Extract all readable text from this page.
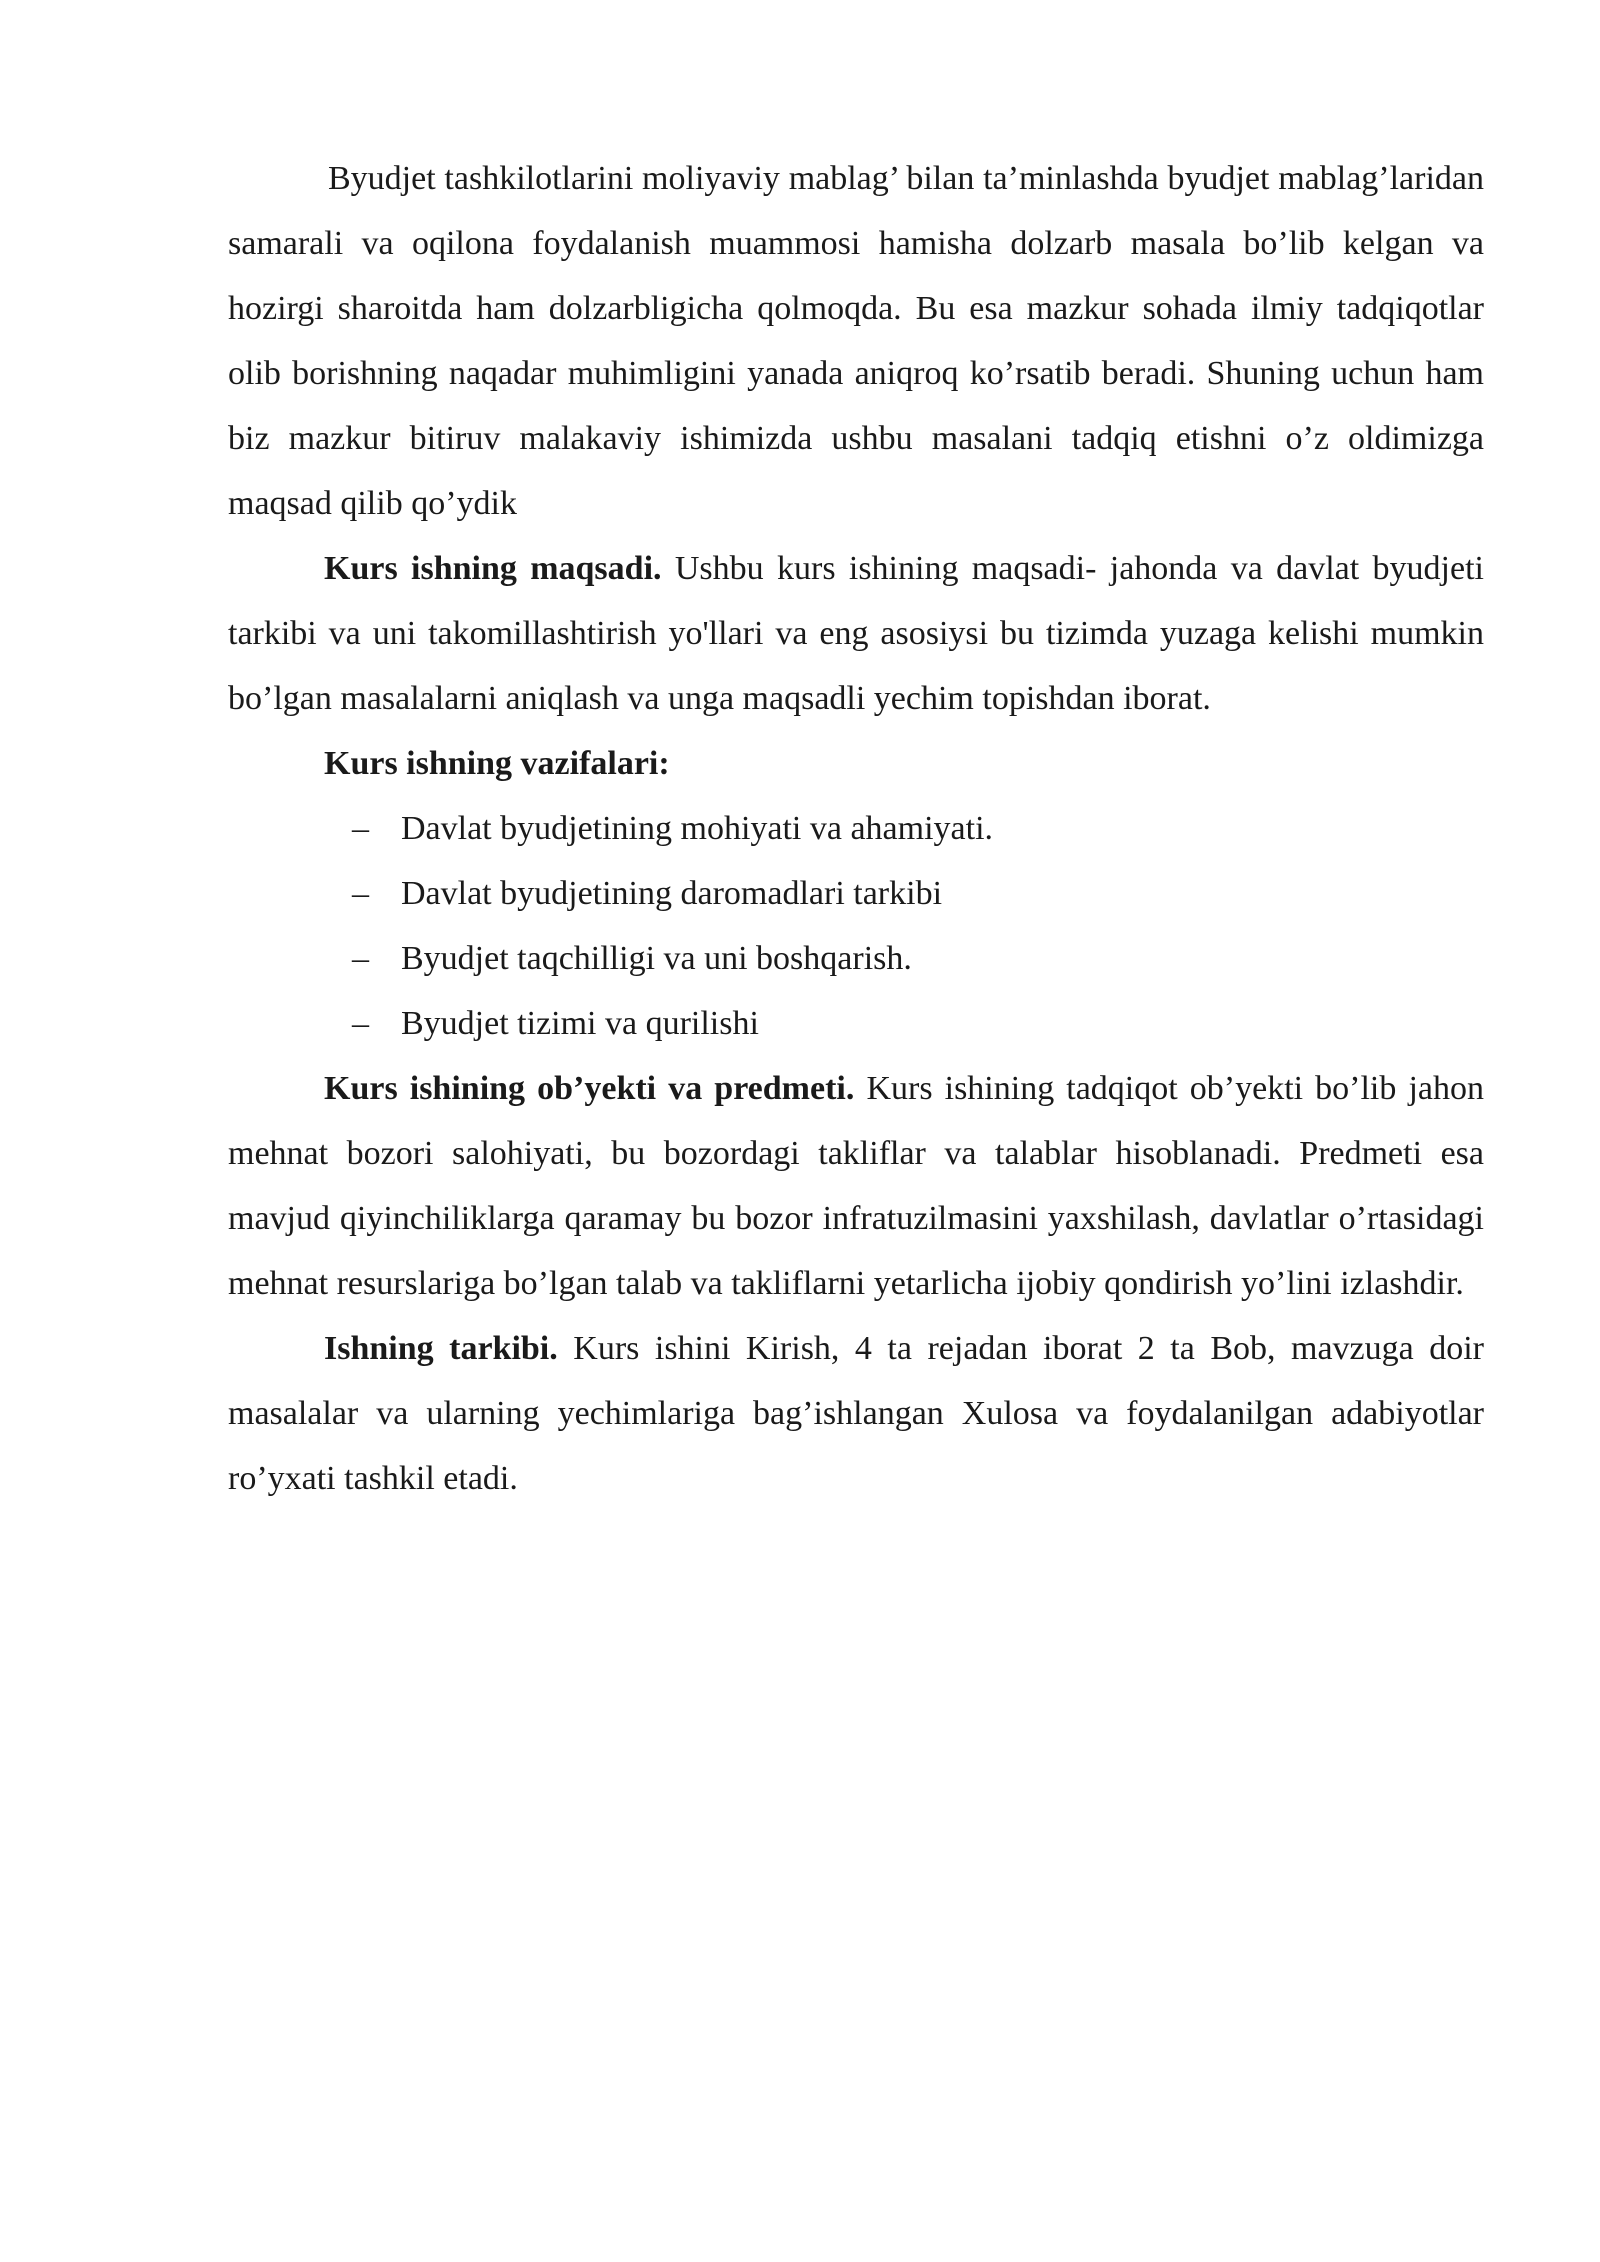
Byudjet tashkilotlarini moliyaviy mablag’ bilan ta’minlashda byudjet mablag’laridan samarali va oqilona foydalanish muammosi hamisha dolzarb masala bo’lib kelgan va hozirgi sharoitda ham dolzarbligicha qolmoqda. Bu esa mazkur sohada ilmiy tadqiqotlar olib borishning naqadar muhimligini yanada aniqroq ko’rsatib beradi. Shuning uchun ham biz mazkur bitiruv malakaviy ishimizda ushbu masalani tadqiq etishni o’z oldimizga maqsad qilib qo’ydik

Kurs ishning maqsadi. Ushbu kurs ishining maqsadi- jahonda va davlat byudjeti tarkibi va uni takomillashtirish yo'llari va eng asosiysi bu tizimda yuzaga kelishi mumkin bo’lgan masalalarni aniqlash va unga maqsadli yechim topishdan iborat.

Kurs ishning vazifalari:

– Davlat byudjetining mohiyati va ahamiyati.
– Davlat byudjetining daromadlari tarkibi
– Byudjet taqchilligi va uni boshqarish.
– Byudjet tizimi va qurilishi

Kurs ishining ob’yekti va predmeti. Kurs ishining tadqiqot ob’yekti bo’lib jahon mehnat bozori salohiyati, bu bozordagi takliflar va talablar hisoblanadi. Predmeti esa mavjud qiyinchiliklarga qaramay bu bozor infratuzilmasini yaxshilash, davlatlar o’rtasidagi mehnat resurslariga bo’lgan talab va takliflarni yetarlicha ijobiy qondirish yo’lini izlashdir.

Ishning tarkibi. Kurs ishini Kirish, 4 ta rejadan iborat 2 ta Bob, mavzuga doir masalalar va ularning yechimlariga bag’ishlangan Xulosa va foydalanilgan adabiyotlar ro’yxati tashkil etadi.
